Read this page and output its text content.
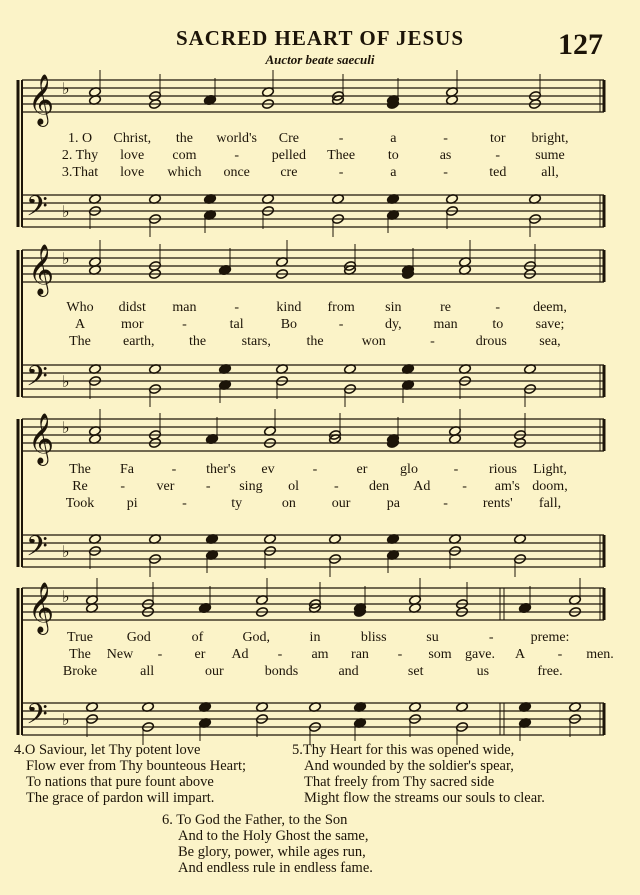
SACRED HEART OF JESUS
Auctor beate saeculi	127
𝄞 ♭
𝄢 ♭
𝄞 ♭
𝄢 ♭
𝄞 ♭
𝄢 ♭
𝄞 ♭
𝄢 ♭
1. O Christ, the world's Cre	-	a	-	tor bright,
2. Thy love com	- pelled Thee to	as	-	sume
3.That love which once cre	-	a	-	ted all,
Who didst man	-	kind from sin	re	- deem,
A	mor	-	tal	Bo	-	dy, man to save;
The earth, the	stars,	the	won	-	drous sea,
The Fa	- ther's ev	-	er glo	- rious Light,
Re - ver - sing ol - den Ad - am's doom,
Took pi	-	ty	on	our	pa	-	rents' fall,
True God	of	God,	in	bliss	su	-	preme:
The New - er Ad - am ran - som gave. A - men.
Broke	all	our	bonds	and	set	us	free.
4.O Saviour, let Thy potent love
Flow ever from Thy bounteous Heart;
To nations that pure fount above
The grace of pardon will impart.
5.Thy Heart for this was opened wide,
And wounded by the soldier's spear,
That freely from Thy sacred side
Might flow the streams our souls to clear.
6. To God the Father, to the Son
And to the Holy Ghost the same,
Be glory, power, while ages run,
And endless rule in endless fame.
